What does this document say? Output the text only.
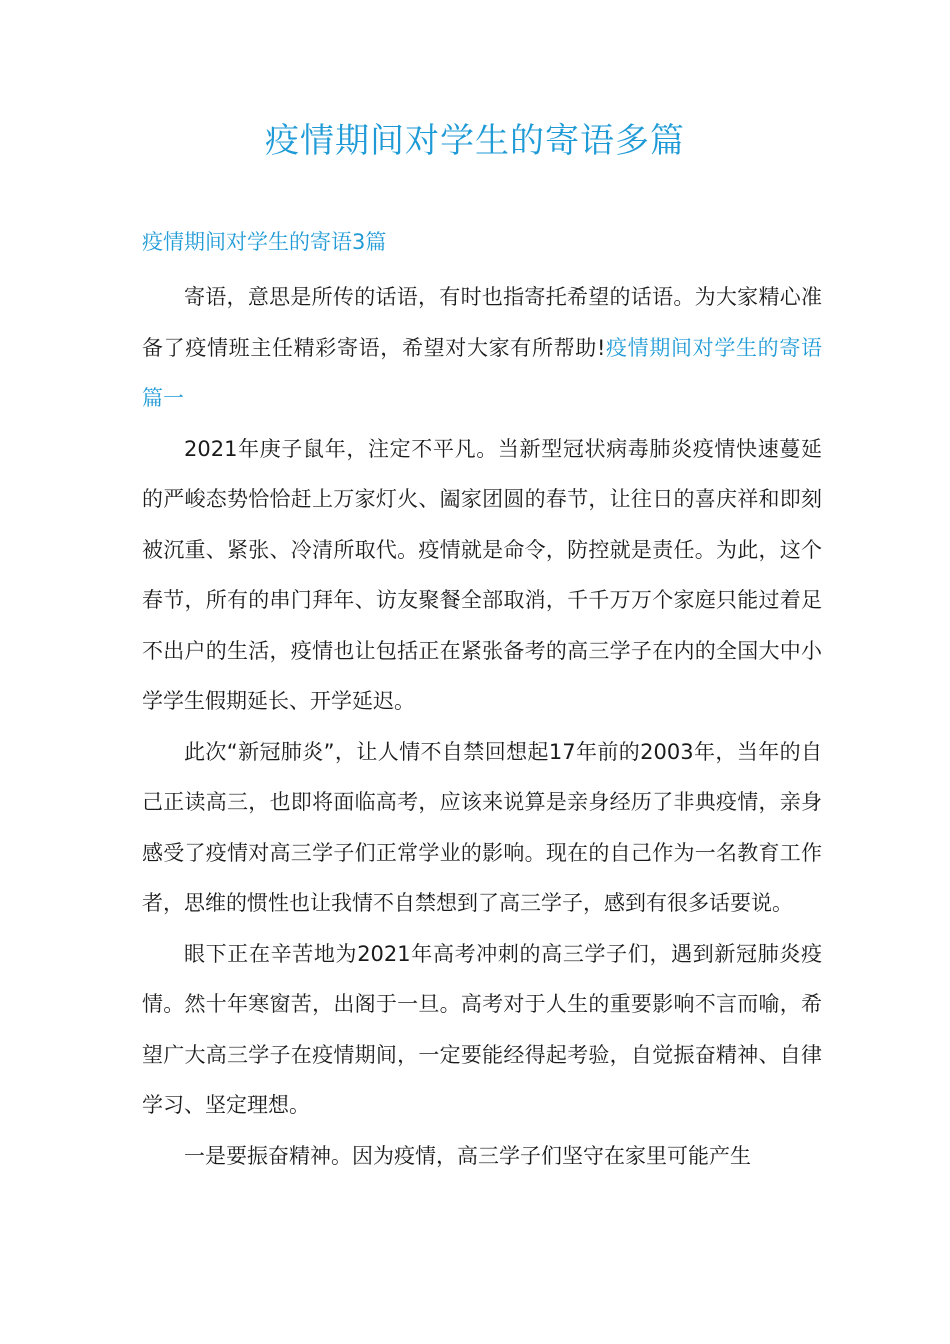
疫情期间对学生的寄语多篇
疫情期间对学生的寄语3篇

寄语，意思是所传的话语，有时也指寄托希望的话语。为大家精心准备了疫情班主任精彩寄语，希望对大家有所帮助!疫情期间对学生的寄语篇一

2021年庚子鼠年，注定不平凡。当新型冠状病毒肺炎疫情快速蔓延的严峻态势恰恰赶上万家灯火、阖家团圆的春节，让往日的喜庆祥和即刻被沉重、紧张、冷清所取代。疫情就是命令，防控就是责任。为此，这个春节，所有的串门拜年、访友聚餐全部取消，千千万万个家庭只能过着足不出户的生活，疫情也让包括正在紧张备考的高三学子在内的全国大中小学学生假期延长、开学延迟。

此次“新冠肺炎”，让人情不自禁回想起17年前的2003年，当年的自己正读高三，也即将面临高考，应该来说算是亲身经历了非典疫情，亲身感受了疫情对高三学子们正常学业的影响。现在的自己作为一名教育工作者，思维的惯性也让我情不自禁想到了高三学子，感到有很多话要说。

眼下正在辛苦地为2021年高考冲刺的高三学子们，遇到新冠肺炎疫情。然十年寒窗苦，出阁于一旦。高考对于人生的重要影响不言而喻，希望广大高三学子在疫情期间，一定要能经得起考验，自觉振奋精神、自律学习、坚定理想。

一是要振奋精神。因为疫情，高三学子们坚守在家里可能产生
